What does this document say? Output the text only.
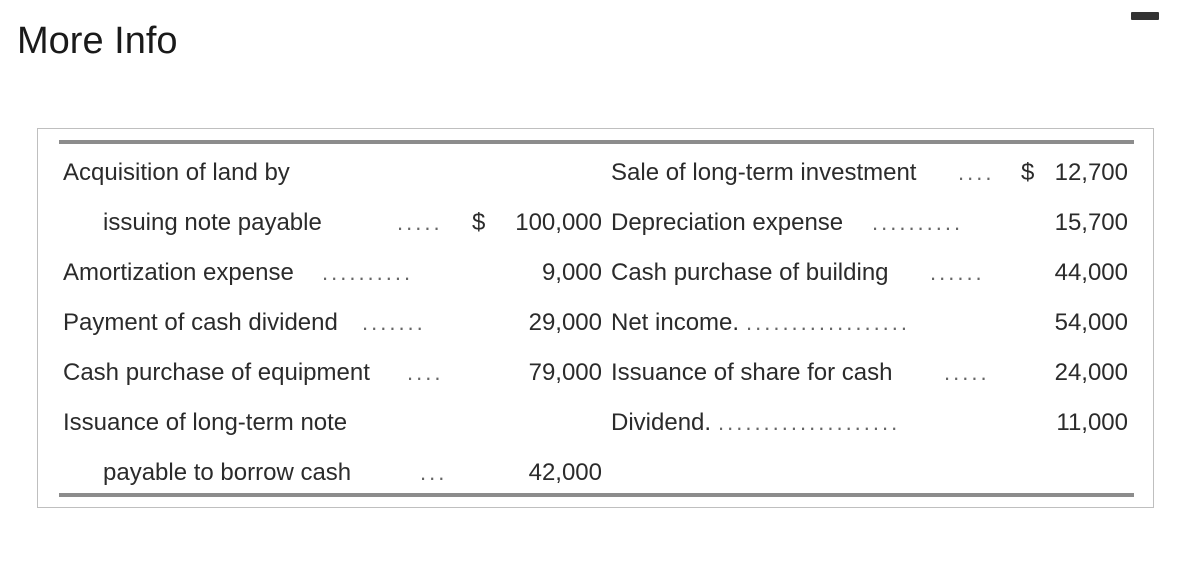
More Info
Acquisition of land by
issuing note payable	..... $	100,000
Amortization expense ..........	9,000
Payment of cash dividend .......	29,000
Cash purchase of equipment ....	79,000
Issuance of long-term note
payable to borrow cash	...	42,000
Sale of long-term investment .... $ 12,700
Depreciation expense ..........	15,700
Cash purchase of building ......	44,000
Net income. ..................	54,000
Issuance of share for cash .....	24,000
Dividend. ....................	11,000
